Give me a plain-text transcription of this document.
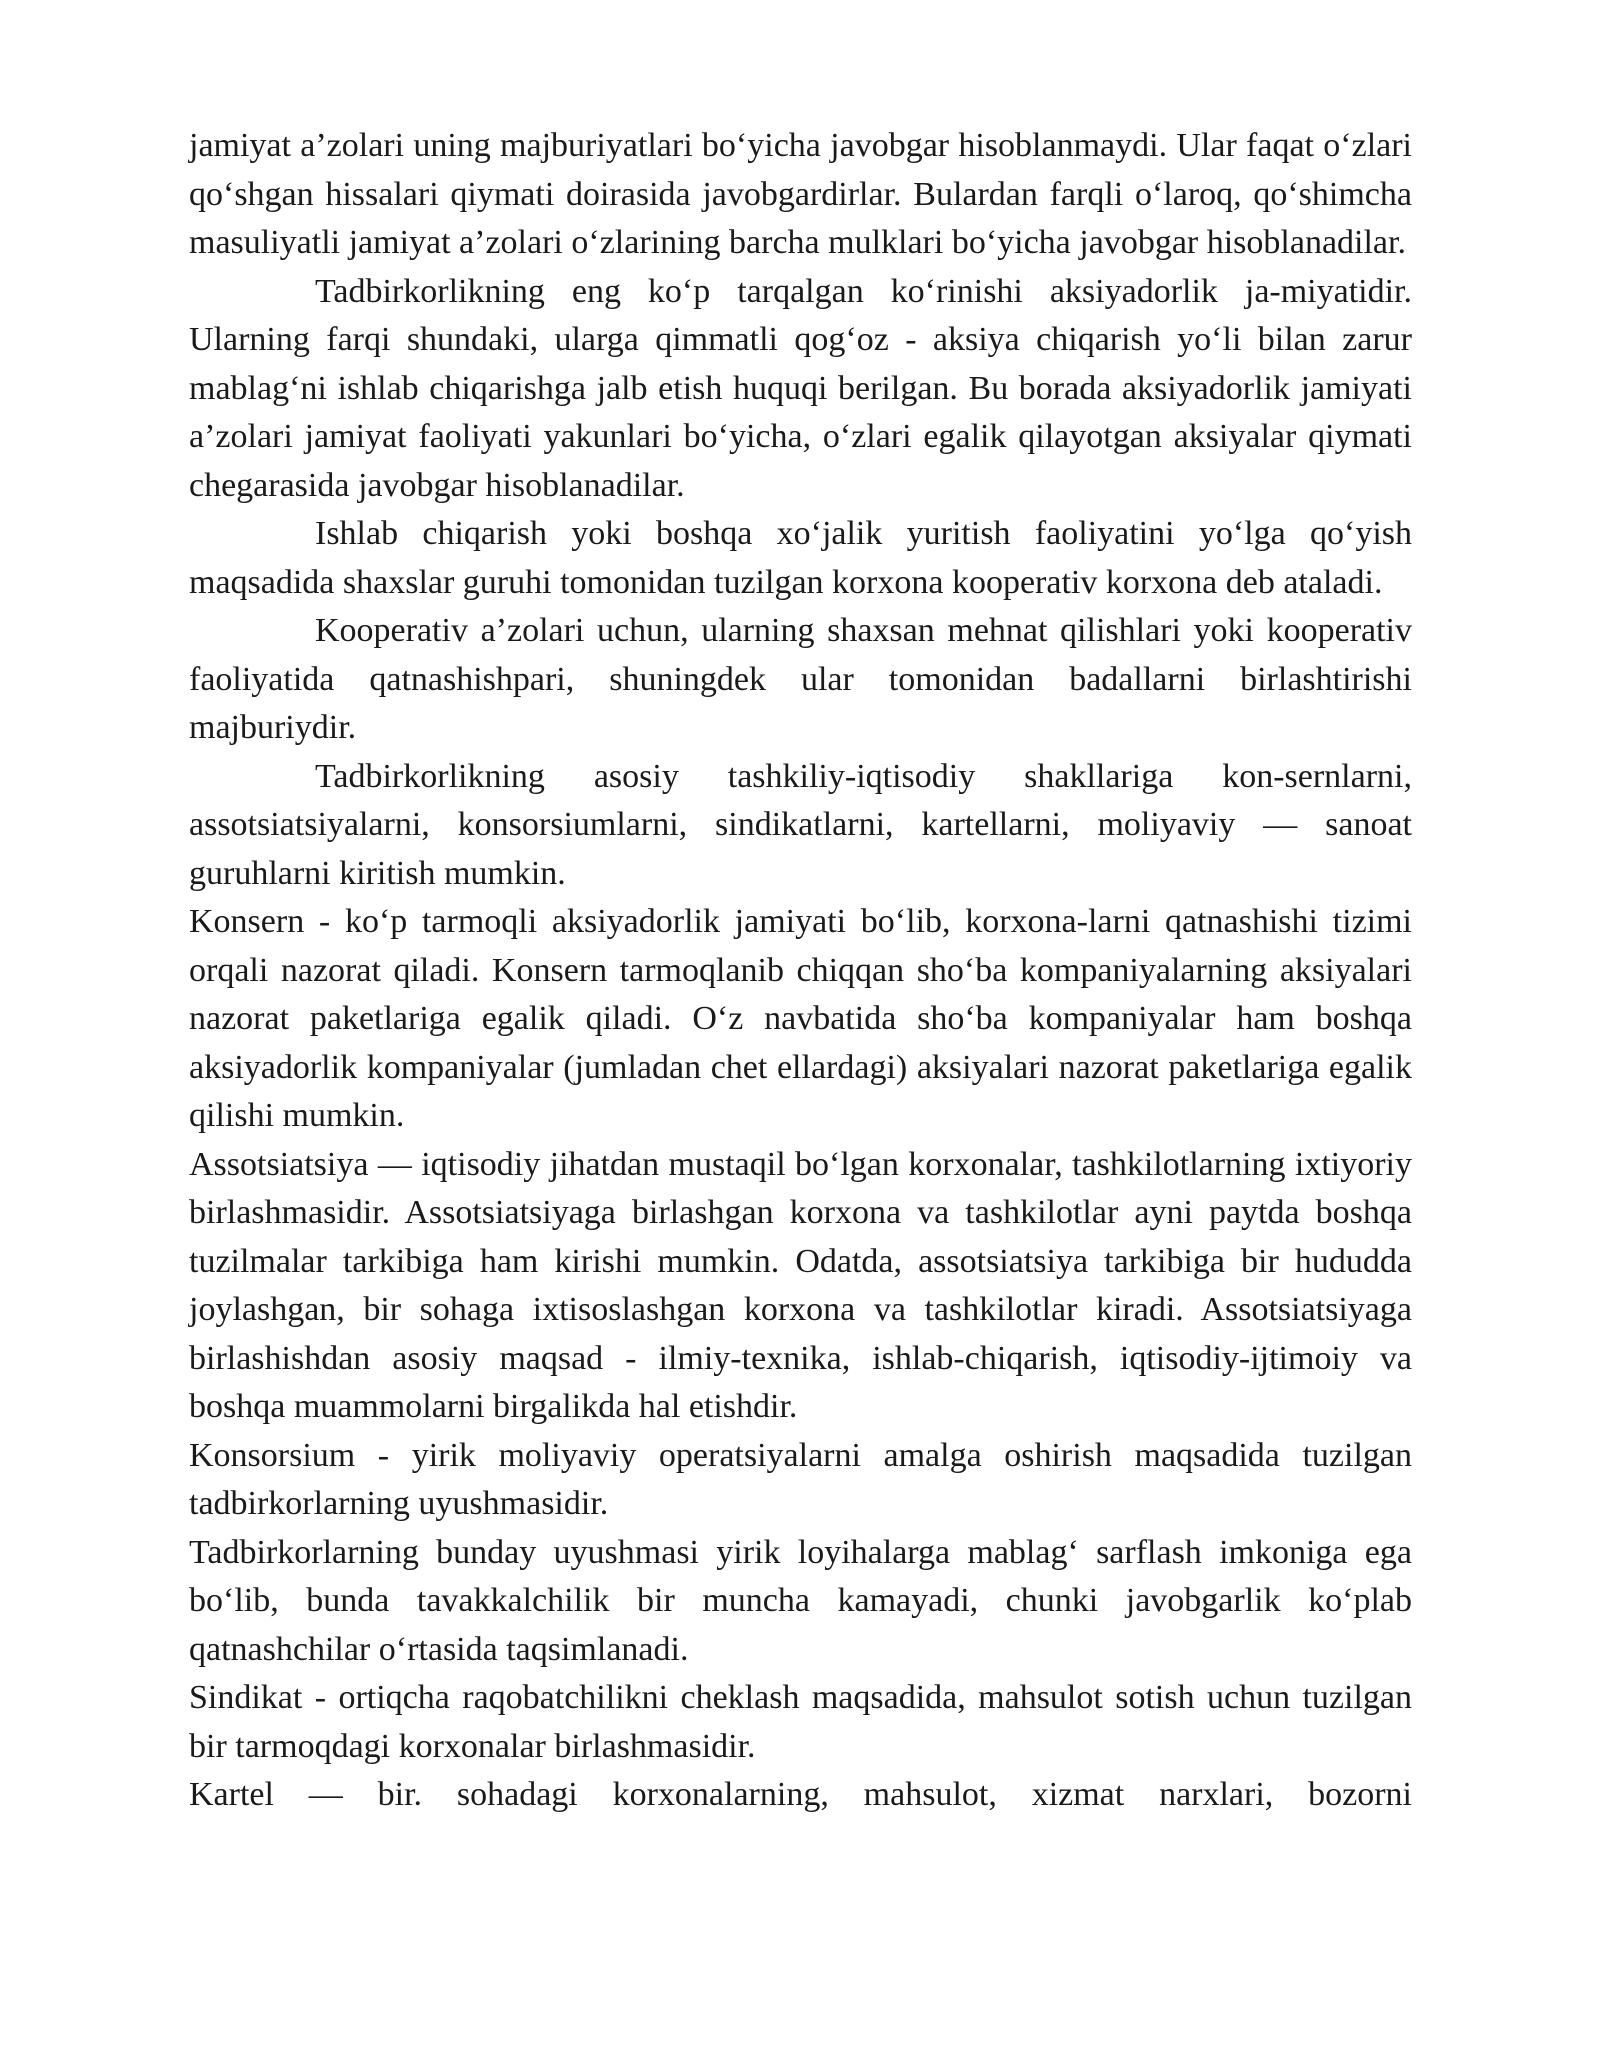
jamiyat a’zolari uning majburiyatlari bo‘yicha javobgar hisoblanmaydi. Ular faqat o‘zlari qo‘shgan hissalari qiymati doirasida javobgardirlar. Bulardan farqli o‘laroq, qo‘shimcha masuliyatli jamiyat a’zolari o‘zlarining barcha mulklari bo‘yicha javobgar hisoblanadilar.

Tadbirkorlikning eng ko‘p tarqalgan ko‘rinishi aksiyadorlik ja-miyatidir. Ularning farqi shundaki, ularga qimmatli qog‘oz - aksiya chiqarish yo‘li bilan zarur mablag‘ni ishlab chiqarishga jalb etish huquqi berilgan. Bu borada aksiyadorlik jamiyati a’zolari jamiyat faoliyati yakunlari bo‘yicha, o‘zlari egalik qilayotgan aksiyalar qiymati chegarasida javobgar hisoblanadilar.

Ishlab chiqarish yoki boshqa xo‘jalik yuritish faoliyatini yo‘lga qo‘yish maqsadida shaxslar guruhi tomonidan tuzilgan korxona kooperativ korxona deb ataladi.

Kooperativ a’zolari uchun, ularning shaxsan mehnat qilishlari yoki kooperativ faoliyatida qatnashishpari, shuningdek ular tomonidan badallarni birlashtirishi majburiydir.

Tadbirkorlikning asosiy tashkiliy-iqtisodiy shakllariga kon-sernlarni, assotsiatsiyalarni, konsorsiumlarni, sindikatlarni, kartellarni, moliyaviy — sanoat guruhlarni kiritish mumkin.

Konsern - ko‘p tarmoqli aksiyadorlik jamiyati bo‘lib, korxona-larni qatnashishi tizimi orqali nazorat qiladi. Konsern tarmoqlanib chiqqan sho‘ba kompaniyalarning aksiyalari nazorat paketlariga egalik qiladi. O‘z navbatida sho‘ba kompaniyalar ham boshqa aksiyadorlik kompaniyalar (jumladan chet ellardagi) aksiyalari nazorat paketlariga egalik qilishi mumkin.

Assotsiatsiya — iqtisodiy jihatdan mustaqil bo‘lgan korxonalar, tashkilotlarning ixtiyoriy birlashmasidir. Assotsiatsiyaga birlashgan korxona va tashkilotlar ayni paytda boshqa tuzilmalar tarkibiga ham kirishi mumkin. Odatda, assotsiatsiya tarkibiga bir hududda joylashgan, bir sohaga ixtisoslashgan korxona va tashkilotlar kiradi. Assotsiatsiyaga birlashishdan asosiy maqsad - ilmiy-texnika, ishlab-chiqarish, iqtisodiy-ijtimoiy va boshqa muammolarni birgalikda hal etishdir.

Konsorsium - yirik moliyaviy operatsiyalarni amalga oshirish maqsadida tuzilgan tadbirkorlarning uyushmasidir.

Tadbirkorlarning bunday uyushmasi yirik loyihalarga mablag‘ sarflash imkoniga ega bo‘lib, bunda tavakkalchilik bir muncha kamayadi, chunki javobgarlik ko‘plab qatnashchilar o‘rtasida taqsimlanadi.

Sindikat - ortiqcha raqobatchilikni cheklash maqsadida, mahsulot sotish uchun tuzilgan bir tarmoqdagi korxonalar birlashmasidir.

Kartel — bir. sohadagi korxonalarning, mahsulot, xizmat narxlari, bozorni
